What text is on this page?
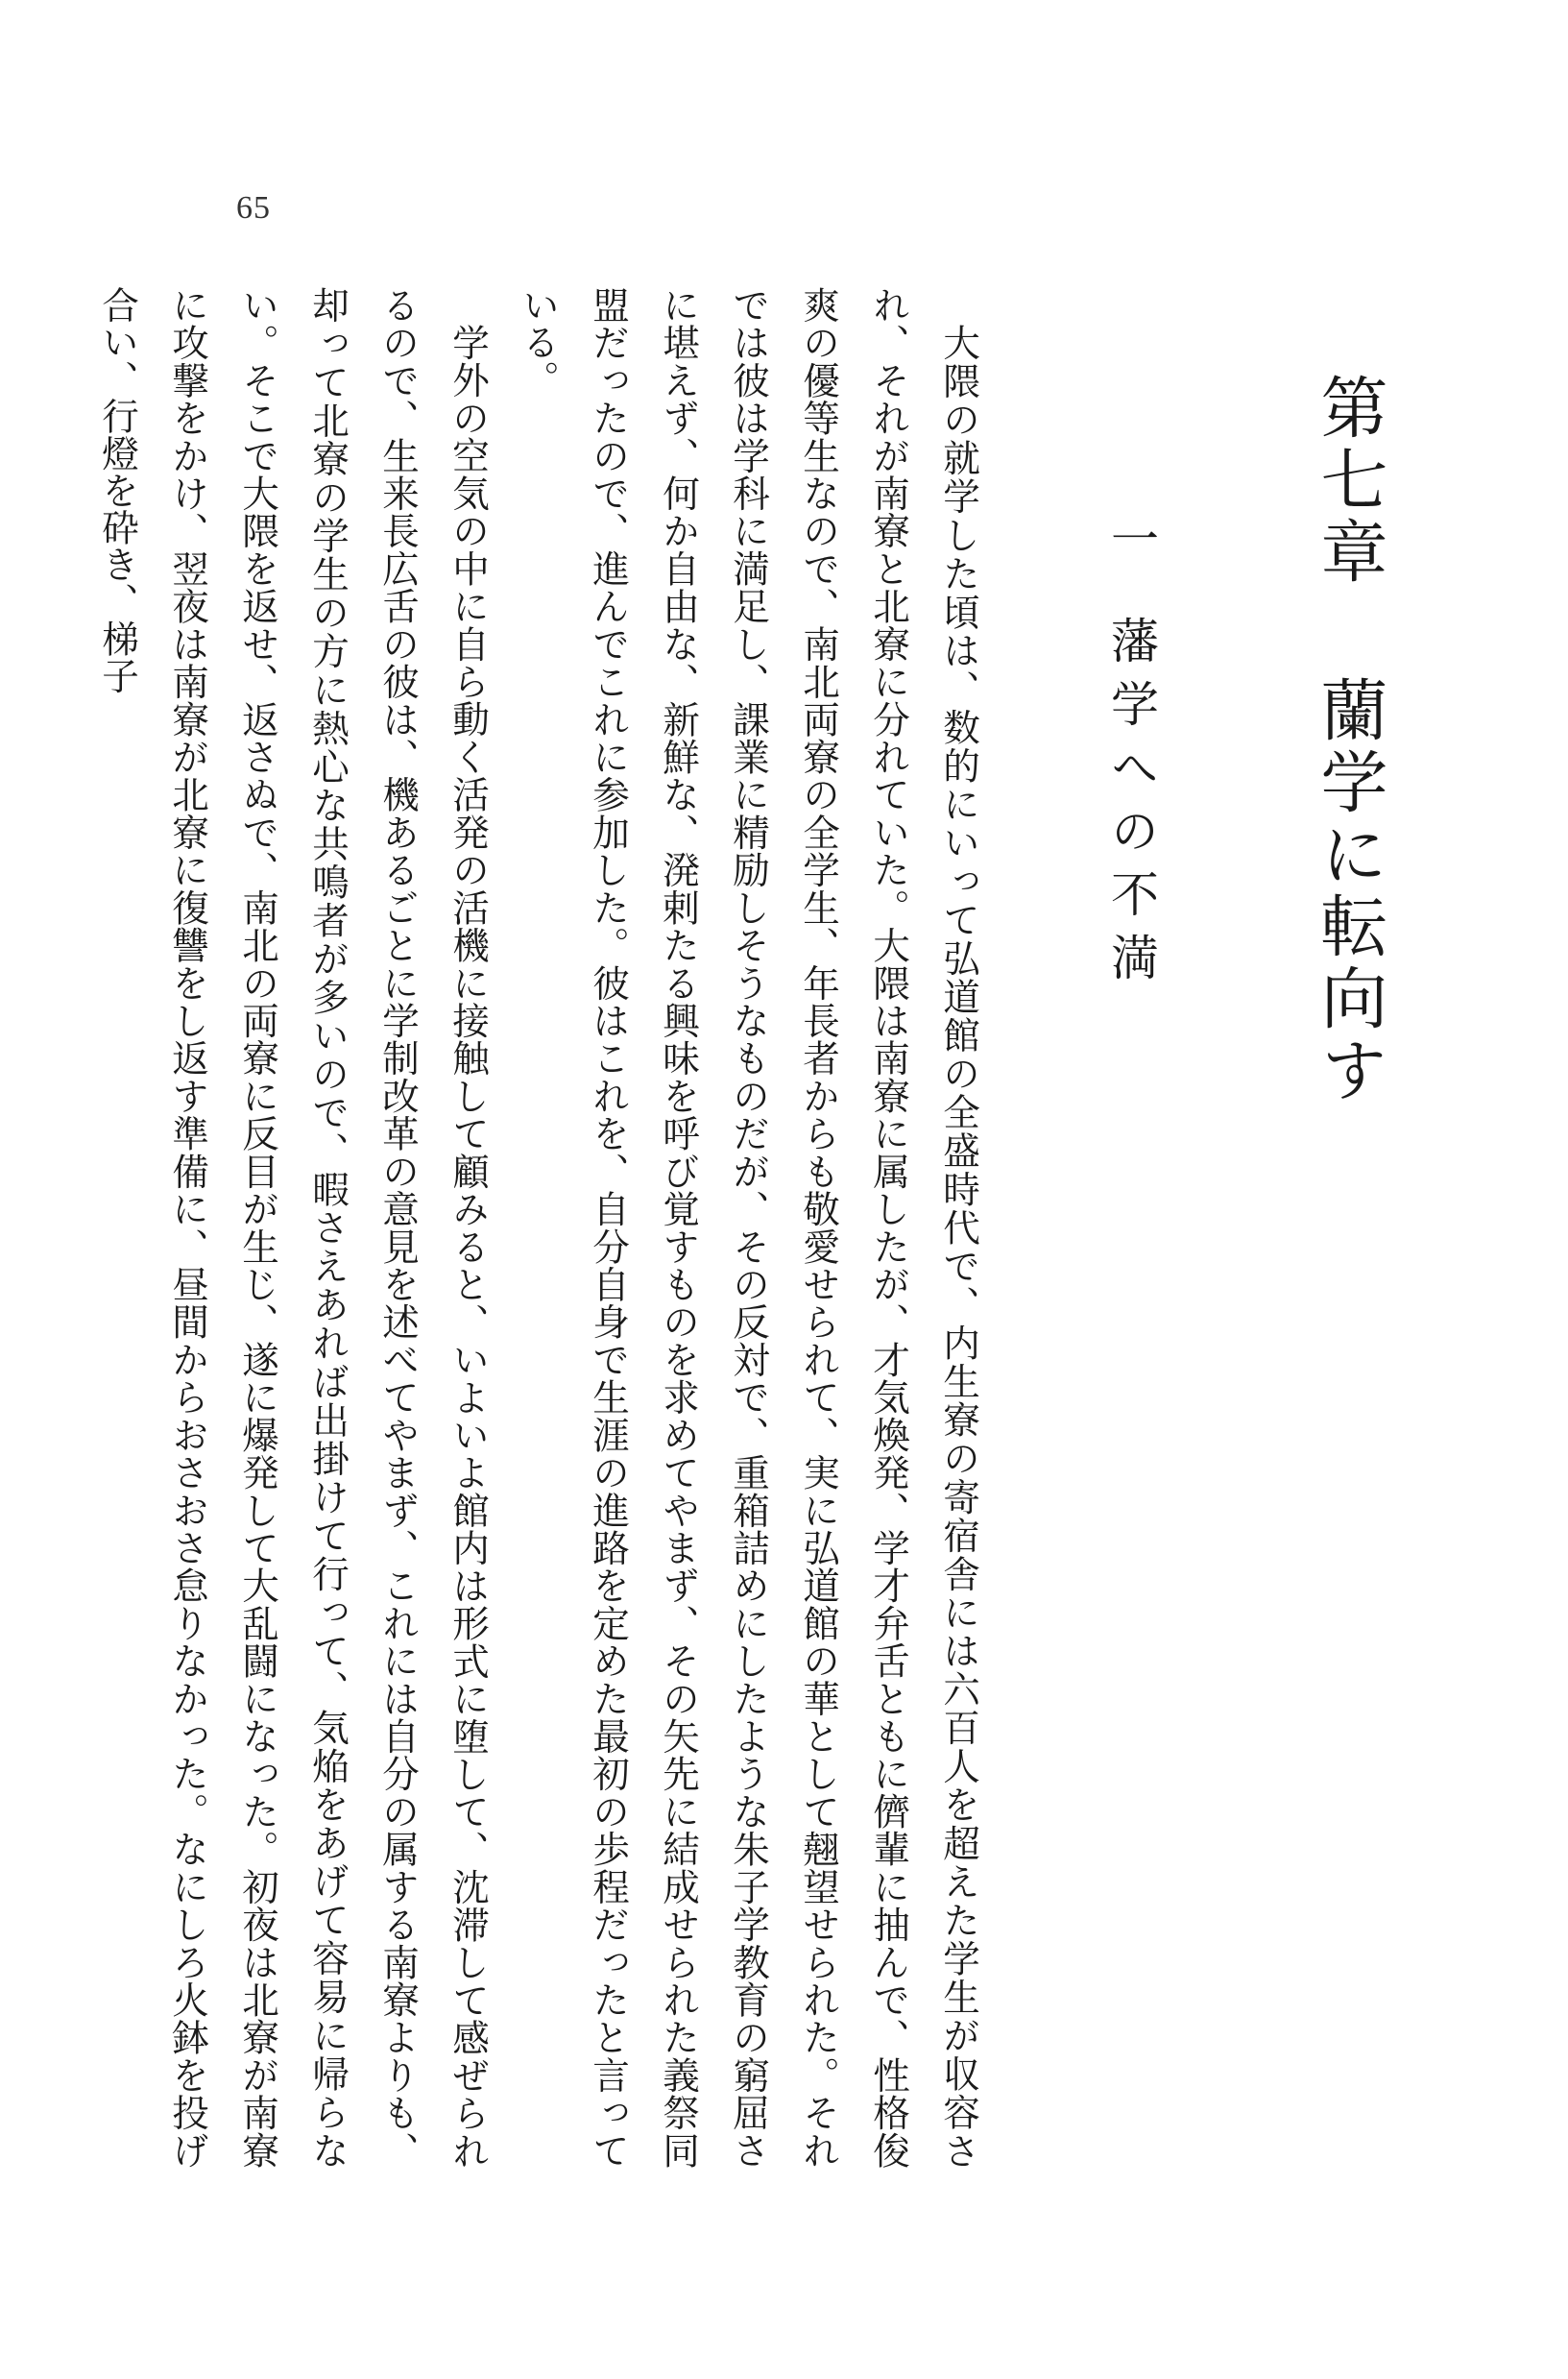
65
第七章蘭学に転向す
一藩学への不満

大隈の就学した頃は、数的にいって弘道館の全盛時代で、内生寮の寄宿舎には六百人を超えた学生が収容され、それが南寮と北寮に分れていた。大隈は南寮に属したが、才気煥発、学才弁舌ともに儕輩に抽んで、性格俊爽の優等生なので、南北両寮の全学生、年長者からも敬愛せられて、実に弘道館の華として翹望せられた。それでは彼は学科に満足し、課業に精励しそうなものだが、その反対で、重箱詰めにしたような朱子学教育の窮屈さに堪えず、何か自由な、新鮮な、溌剌たる興味を呼び覚すものを求めてやまず、その矢先に結成せられた義祭同盟だったので、進んでこれに参加した。彼はこれを、自分自身で生涯の進路を定めた最初の歩程だったと言っている。

学外の空気の中に自ら動く活発の活機に接触して顧みると、いよいよ館内は形式に堕して、沈滞して感ぜられるので、生来長広舌の彼は、機あるごとに学制改革の意見を述べてやまず、これには自分の属する南寮よりも、却って北寮の学生の方に熱心な共鳴者が多いので、暇さえあれば出掛けて行って、気焔をあげて容易に帰らない。そこで大隈を返せ、返さぬで、南北の両寮に反目が生じ、遂に爆発して大乱闘になった。初夜は北寮が南寮に攻撃をかけ、翌夜は南寮が北寮に復讐をし返す準備に、昼間からおさおさ怠りなかった。なにしろ火鉢を投げ合い、行燈を砕き、梯子
